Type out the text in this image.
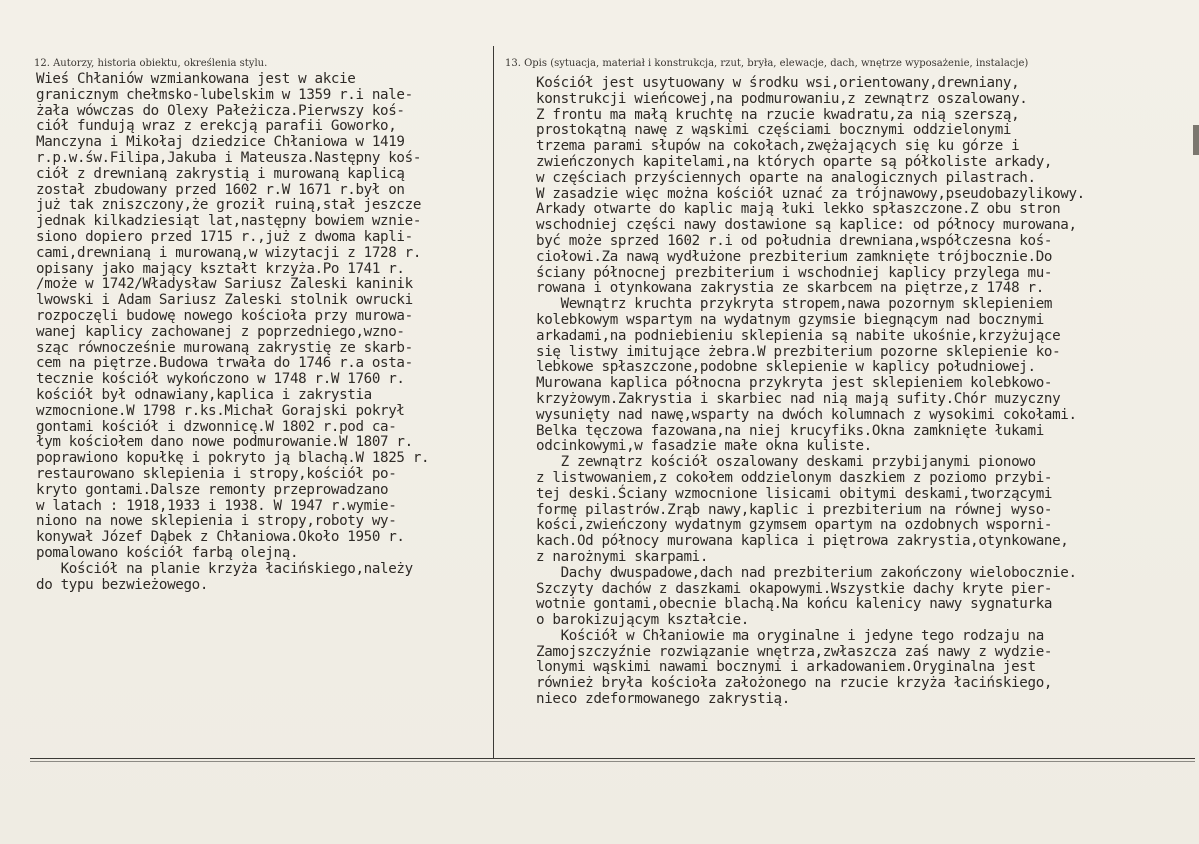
12. Autorzy, historia obiektu, określenia stylu.	13. Opis (sytuacja, materiał i konstrukcja, rzut, bryła, elewacje, dach, wnętrze wyposażenie, instalacje)
Wieś Chłaniów wzmiankowana jest w akcie
granicznym chełmsko-lubelskim w 1359 r.i nale-
żała wówczas do Olexy Pałeżicza.Pierwszy koś-
ciół fundują wraz z erekcją parafii Goworko,
Manczyna i Mikołaj dziedzice Chłaniowa w 1419
r.p.w.św.Filipa,Jakuba i Mateusza.Następny koś-
ciół z drewnianą zakrystią i murowaną kaplicą
został zbudowany przed 1602 r.W 1671 r.był on
już tak zniszczony,że groził ruiną,stał jeszcze
jednak kilkadziesiąt lat,następny bowiem wznie-
siono dopiero przed 1715 r.,już z dwoma kapli-
cami,drewnianą i murowaną,w wizytacji z 1728 r.
opisany jako mający kształt krzyża.Po 1741 r.
/może w 1742/Władysław Sariusz Zaleski kaninik
lwowski i Adam Sariusz Zaleski stolnik owrucki
rozpoczęli budowę nowego kościoła przy murowa-
wanej kaplicy zachowanej z poprzedniego,wzno-
sząc równocześnie murowaną zakrystię ze skarb-
cem na piętrze.Budowa trwała do 1746 r.a osta-
tecznie kościół wykończono w 1748 r.W 1760 r.
kościół był odnawiany,kaplica i zakrystia
wzmocnione.W 1798 r.ks.Michał Gorajski pokrył
gontami kościół i dzwonnicę.W 1802 r.pod ca-
łym kościołem dano nowe podmurowanie.W 1807 r.
poprawiono kopułkę i pokryto ją blachą.W 1825 r.
restaurowano sklepienia i stropy,kościół po-
kryto gontami.Dalsze remonty przeprowadzano
w latach : 1918,1933 i 1938. W 1947 r.wymie-
niono na nowe sklepienia i stropy,roboty wy-
konywał Józef Dąbek z Chłaniowa.Około 1950 r.
pomalowano kościół farbą olejną.
Kościół na planie krzyża łacińskiego,należy
do typu bezwieżowego.
Kościół jest usytuowany w środku wsi,orientowany,drewniany,
konstrukcji wieńcowej,na podmurowaniu,z zewnątrz oszalowany.
Z frontu ma małą kruchtę na rzucie kwadratu,za nią szerszą,
prostokątną nawę z wąskimi częściami bocznymi oddzielonymi
trzema parami słupów na cokołach,zwężających się ku górze i
zwieńczonych kapitelami,na których oparte są półkoliste arkady,
w częściach przyściennych oparte na analogicznych pilastrach.
W zasadzie więc można kościół uznać za trójnawowy,pseudobazylikowy.
Arkady otwarte do kaplic mają łuki lekko spłaszczone.Z obu stron
wschodniej części nawy dostawione są kaplice: od północy murowana,
być może sprzed 1602 r.i od południa drewniana,współczesna koś-
ciołowi.Za nawą wydłużone prezbiterium zamknięte trójbocznie.Do
ściany północnej prezbiterium i wschodniej kaplicy przylega mu-
rowana i otynkowana zakrystia ze skarbcem na piętrze,z 1748 r.
Wewnątrz kruchta przykryta stropem,nawa pozornym sklepieniem
kolebkowym wspartym na wydatnym gzymsie biegnącym nad bocznymi
arkadami,na podniebieniu sklepienia są nabite ukośnie,krzyżujące
się listwy imitujące żebra.W prezbiterium pozorne sklepienie ko-
lebkowe spłaszczone,podobne sklepienie w kaplicy południowej.
Murowana kaplica północna przykryta jest sklepieniem kolebkowo-
krzyżowym.Zakrystia i skarbiec nad nią mają sufity.Chór muzyczny
wysunięty nad nawę,wsparty na dwóch kolumnach z wysokimi cokołami.
Belka tęczowa fazowana,na niej krucyfiks.Okna zamknięte łukami
odcinkowymi,w fasadzie małe okna kuliste.
Z zewnątrz kościół oszalowany deskami przybijanymi pionowo
z listwowaniem,z cokołem oddzielonym daszkiem z poziomo przybi-
tej deski.Ściany wzmocnione lisicami obitymi deskami,tworzącymi
formę pilastrów.Zrąb nawy,kaplic i prezbiterium na równej wyso-
kości,zwieńczony wydatnym gzymsem opartym na ozdobnych wsporni-
kach.Od północy murowana kaplica i piętrowa zakrystia,otynkowane,
z narożnymi skarpami.
Dachy dwuspadowe,dach nad prezbiterium zakończony wielobocznie.
Szczyty dachów z daszkami okapowymi.Wszystkie dachy kryte pier-
wotnie gontami,obecnie blachą.Na końcu kalenicy nawy sygnaturka
o barokizującym kształcie.
Kościół w Chłaniowie ma oryginalne i jedyne tego rodzaju na
Zamojszczyźnie rozwiązanie wnętrza,zwłaszcza zaś nawy z wydzie-
lonymi wąskimi nawami bocznymi i arkadowaniem.Oryginalna jest
również bryła kościoła założonego na rzucie krzyża łacińskiego,
nieco zdeformowanego zakrystią.
